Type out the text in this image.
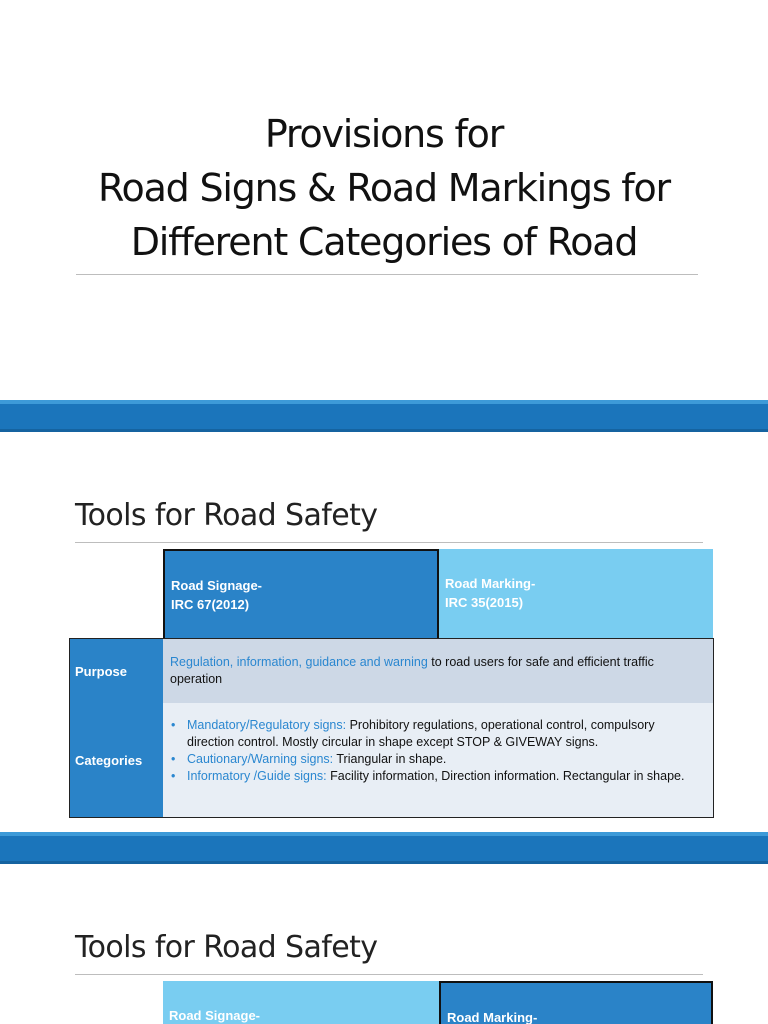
Provisions for
Road Signs & Road Markings for
Different Categories of Road
Tools for Road Safety
Road Signage-
IRC 67(2012)
Road Marking-
IRC 35(2015)
Purpose
Regulation, information, guidance and warning to road users for safe and efficient traffic operation
Categories
• Mandatory/Regulatory signs: Prohibitory regulations, operational control, compulsory direction control. Mostly circular in shape except STOP & GIVEWAY signs.
• Cautionary/Warning signs: Triangular in shape.
• Informatory /Guide signs: Facility information, Direction information. Rectangular in shape.
Tools for Road Safety
Road Signage-	Road Marking-
